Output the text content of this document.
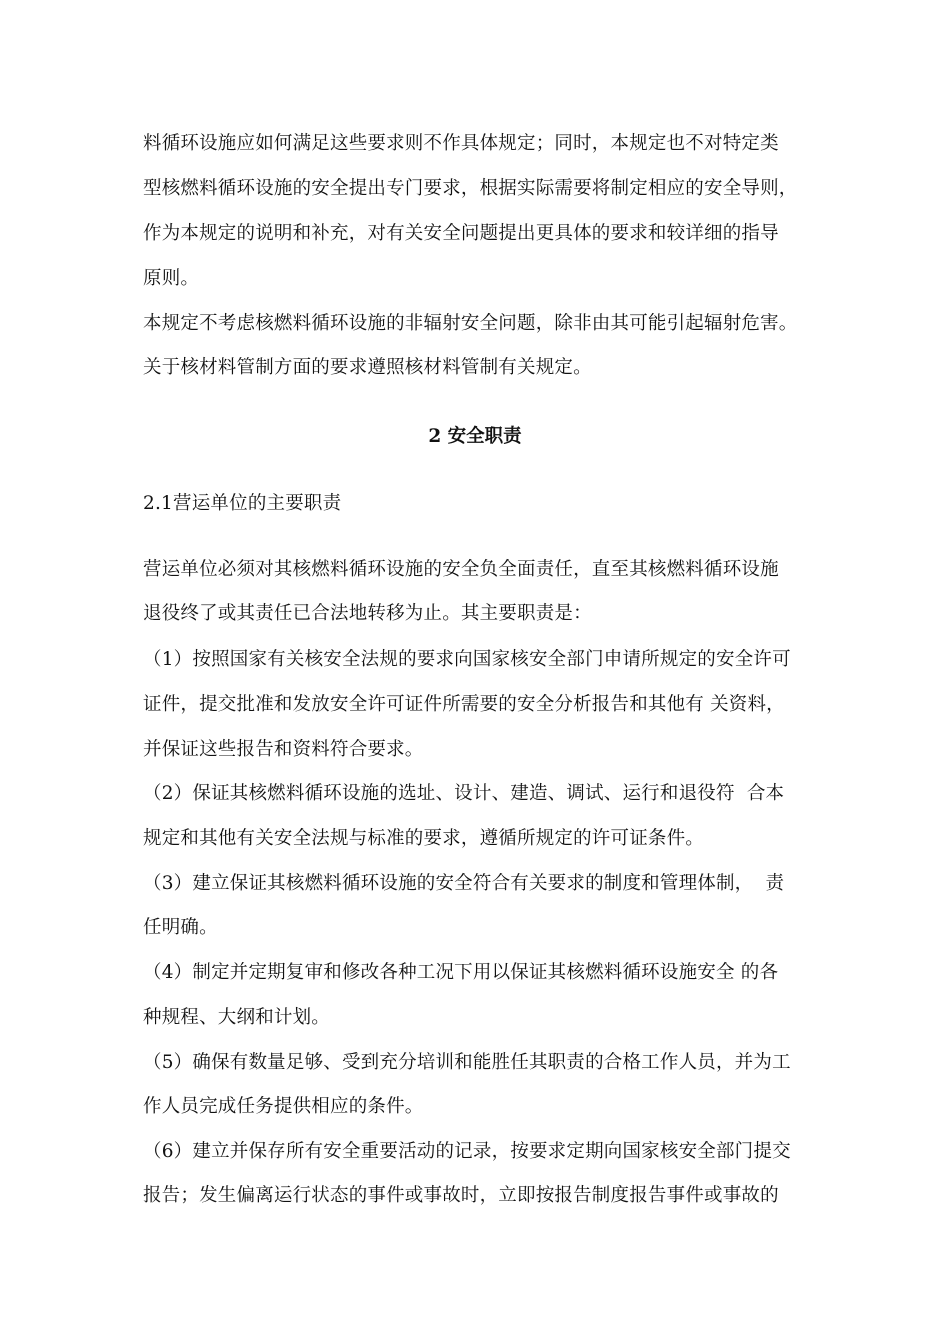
料循环设施应如何满足这些要求则不作具体规定；同时，本规定也不对特定类
型核燃料循环设施的安全提出专门要求，根据实际需要将制定相应的安全导则，
作为本规定的说明和补充，对有关安全问题提出更具体的要求和较详细的指导
原则。
本规定不考虑核燃料循环设施的非辐射安全问题，除非由其可能引起辐射危害。
关于核材料管制方面的要求遵照核材料管制有关规定。
2 安全职责
2.1营运单位的主要职责
营运单位必须对其核燃料循环设施的安全负全面责任，直至其核燃料循环设施
退役终了或其责任已合法地转移为止。其主要职责是：
（1）按照国家有关核安全法规的要求向国家核安全部门申请所规定的安全许可
证件，提交批准和发放安全许可证件所需要的安全分析报告和其他有 关资料，
并保证这些报告和资料符合要求。
（2）保证其核燃料循环设施的选址、设计、建造、调试、运行和退役符  合本
规定和其他有关安全法规与标准的要求，遵循所规定的许可证条件。
（3）建立保证其核燃料循环设施的安全符合有关要求的制度和管理体制，  责
任明确。
（4）制定并定期复审和修改各种工况下用以保证其核燃料循环设施安全 的各
种规程、大纲和计划。
（5）确保有数量足够、受到充分培训和能胜任其职责的合格工作人员，并为工
作人员完成任务提供相应的条件。
（6）建立并保存所有安全重要活动的记录，按要求定期向国家核安全部门提交
报告；发生偏离运行状态的事件或事故时，立即按报告制度报告事件或事故的
